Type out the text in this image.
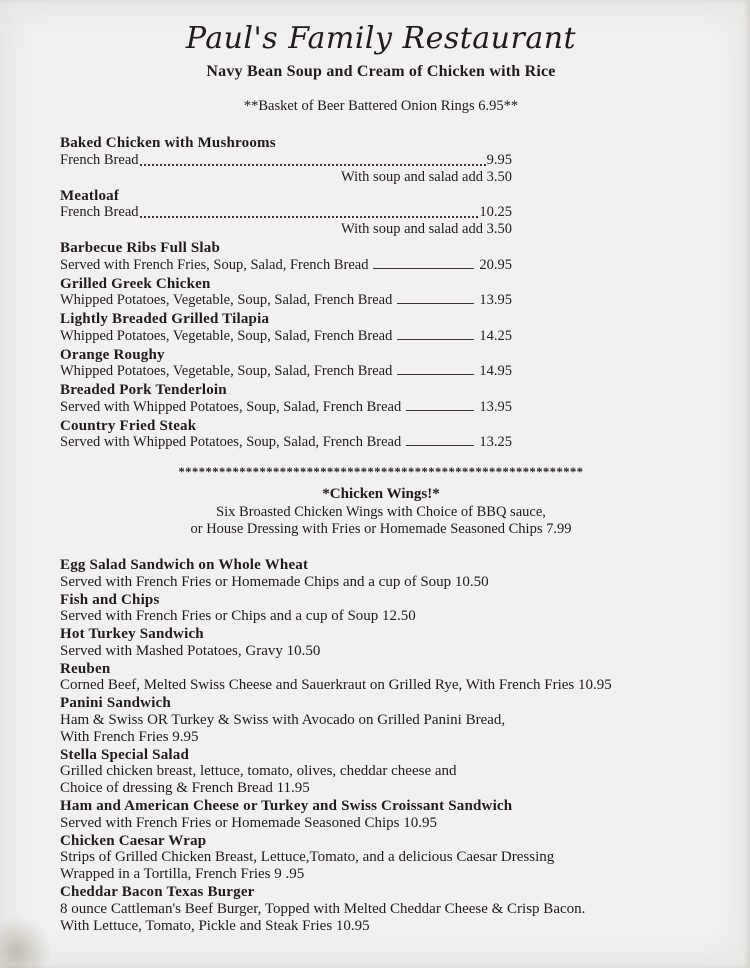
Paul's Family Restaurant
Navy Bean Soup and Cream of Chicken with Rice
**Basket of Beer Battered Onion Rings 6.95**
Baked Chicken with Mushrooms
French Bread	9.95
With soup and salad add 3.50
Meatloaf
French Bread	10.25
With soup and salad add 3.50
Barbecue Ribs Full Slab
Served with French Fries, Soup, Salad, French Bread	20.95
Grilled Greek Chicken
Whipped Potatoes, Vegetable, Soup, Salad, French Bread	13.95
Lightly Breaded Grilled Tilapia
Whipped Potatoes, Vegetable, Soup, Salad, French Bread	14.25
Orange Roughy
Whipped Potatoes, Vegetable, Soup, Salad, French Bread	14.95
Breaded Pork Tenderloin
Served with Whipped Potatoes, Soup, Salad, French Bread	13.95
Country Fried Steak
Served with Whipped Potatoes, Soup, Salad, French Bread	13.25
************************************************************
*Chicken Wings!*
Six Broasted Chicken Wings with Choice of BBQ sauce,
or House Dressing with Fries or Homemade Seasoned Chips 7.99
Egg Salad Sandwich on Whole Wheat
Served with French Fries or Homemade Chips and a cup of Soup 10.50
Fish and Chips
Served with French Fries or Chips and a cup of Soup 12.50
Hot Turkey Sandwich
Served with Mashed Potatoes, Gravy 10.50
Reuben
Corned Beef, Melted Swiss Cheese and Sauerkraut on Grilled Rye, With French Fries 10.95
Panini Sandwich
Ham & Swiss OR Turkey & Swiss with Avocado on Grilled Panini Bread,
With French Fries 9.95
Stella Special Salad
Grilled chicken breast, lettuce, tomato, olives, cheddar cheese and
Choice of dressing & French Bread 11.95
Ham and American Cheese or Turkey and Swiss Croissant Sandwich
Served with French Fries or Homemade Seasoned Chips 10.95
Chicken Caesar Wrap
Strips of Grilled Chicken Breast, Lettuce,Tomato, and a delicious Caesar Dressing
Wrapped in a Tortilla, French Fries 9 .95
Cheddar Bacon Texas Burger
8 ounce Cattleman's Beef Burger, Topped with Melted Cheddar Cheese & Crisp Bacon.
With Lettuce, Tomato, Pickle and Steak Fries 10.95
